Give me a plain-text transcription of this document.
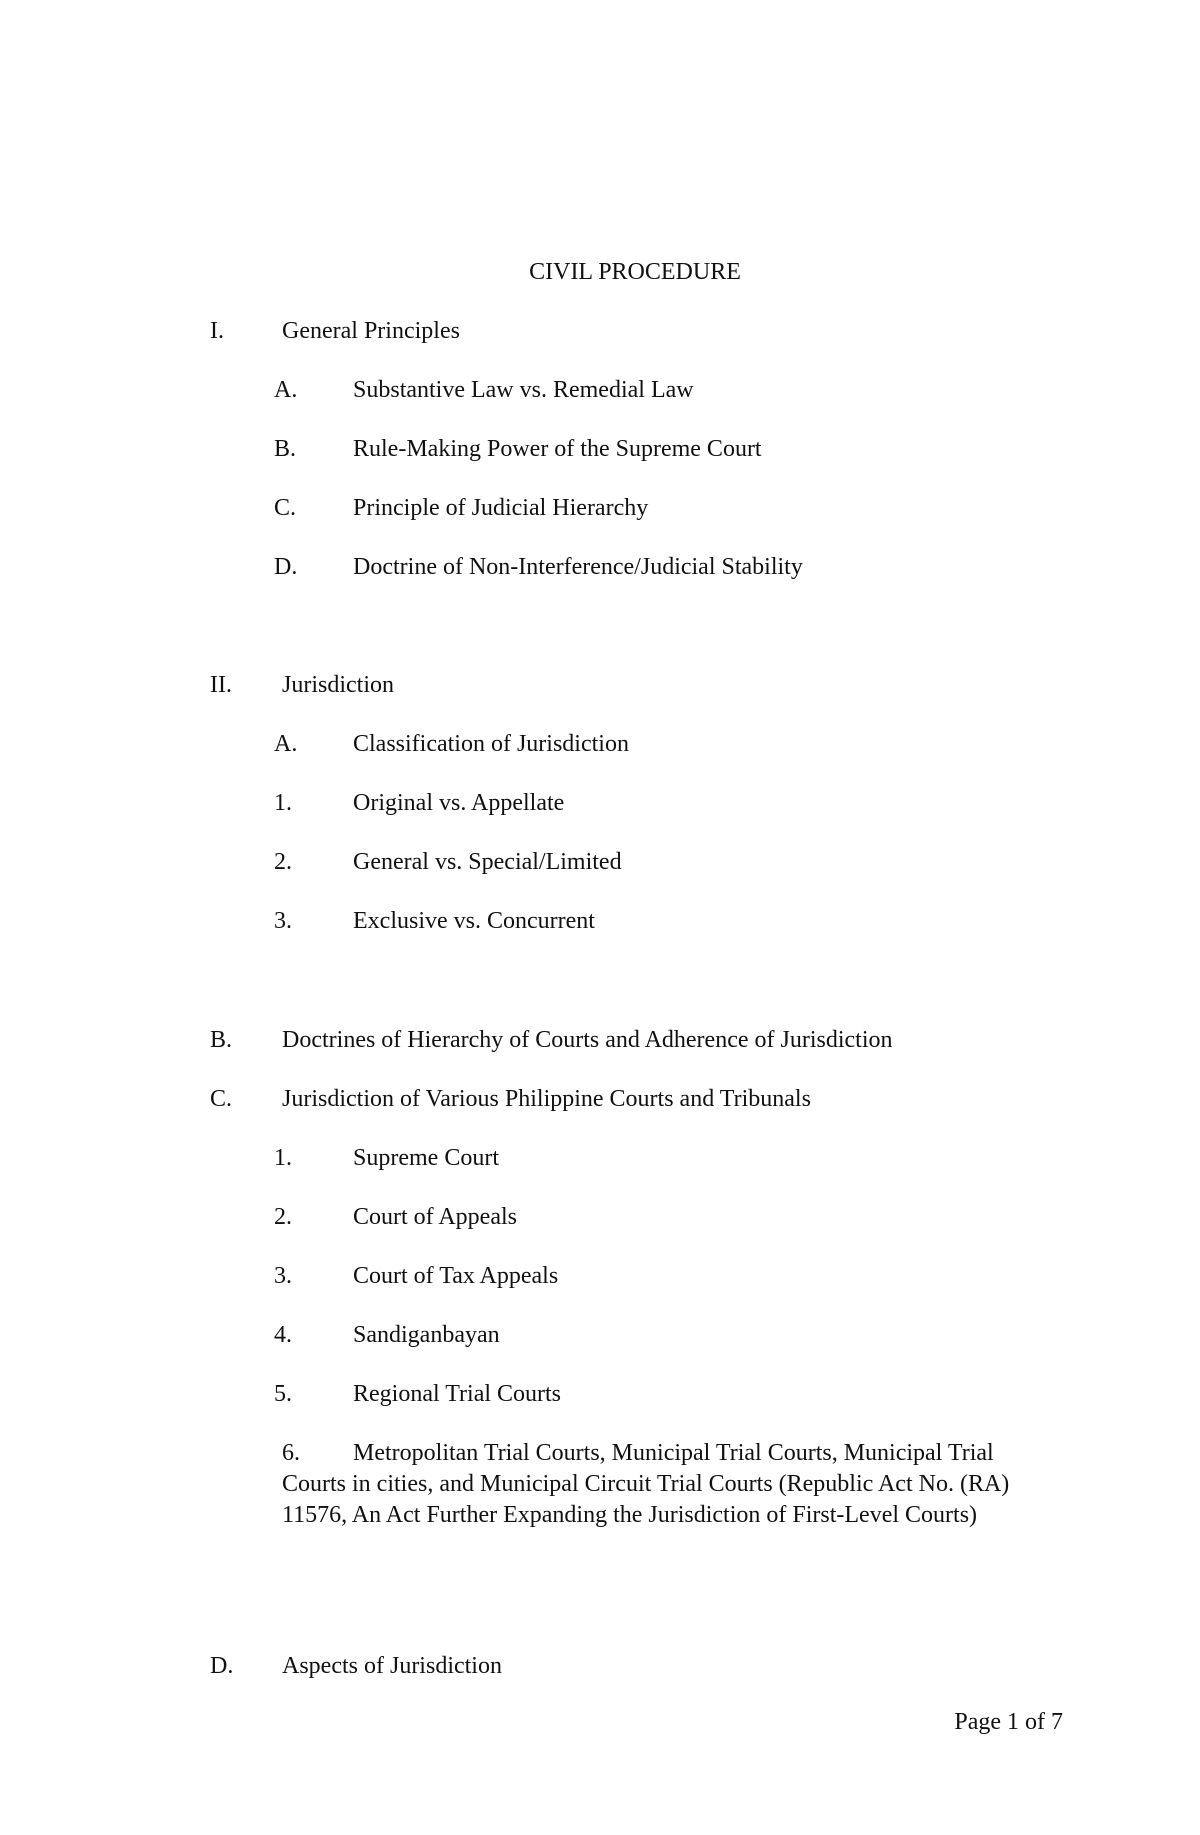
CIVIL PROCEDURE
I. General Principles
A. Substantive Law vs. Remedial Law
B. Rule-Making Power of the Supreme Court
C. Principle of Judicial Hierarchy
D. Doctrine of Non-Interference/Judicial Stability
II. Jurisdiction
A. Classification of Jurisdiction
1.	Original vs. Appellate
2.	General vs. Special/Limited
3.	Exclusive vs. Concurrent
B. Doctrines of Hierarchy of Courts and Adherence of Jurisdiction
C. Jurisdiction of Various Philippine Courts and Tribunals
1.	Supreme Court
2.	Court of Appeals
3.	Court of Tax Appeals
4.	Sandiganbayan
5.	Regional Trial Courts
6. Metropolitan Trial Courts, Municipal Trial Courts, Municipal Trial Courts in cities, and Municipal Circuit Trial Courts (Republic Act No. (RA) 11576, An Act Further Expanding the Jurisdiction of First-Level Courts)
D. Aspects of Jurisdiction
Page 1 of 7
